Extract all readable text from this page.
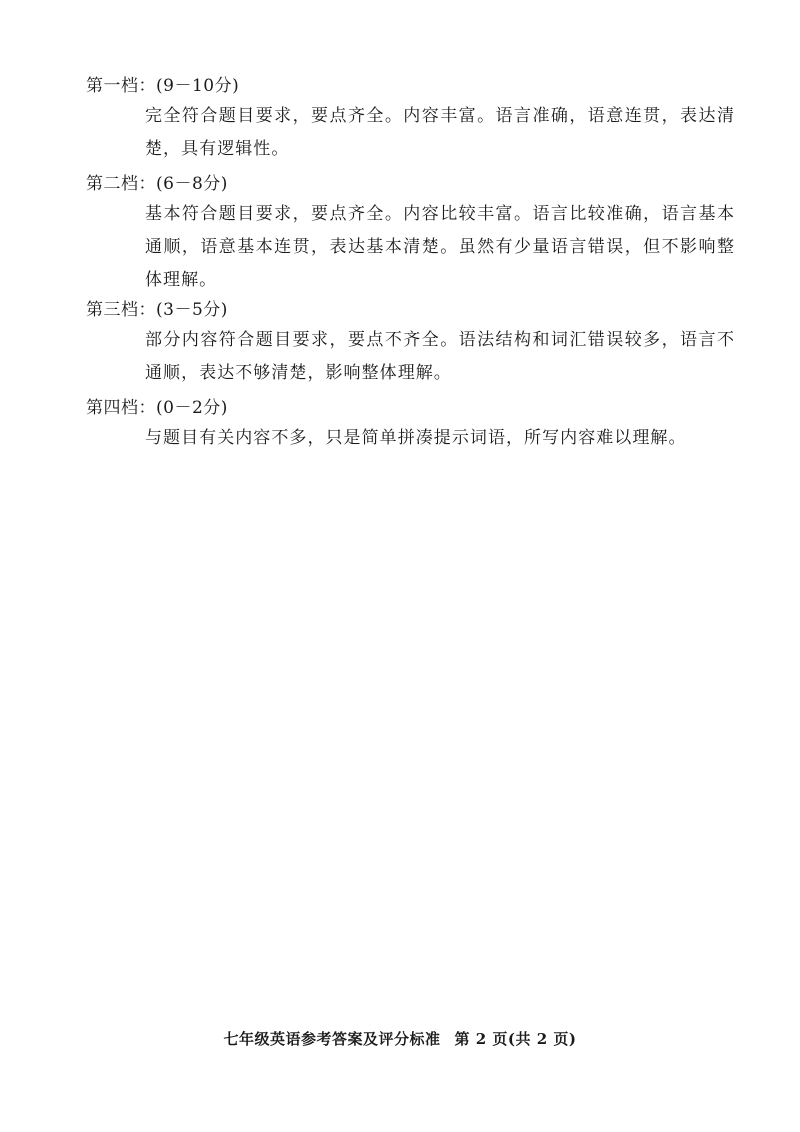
第一档：(9－10分)
完全符合题目要求，要点齐全。内容丰富。语言准确，语意连贯，表达清楚，具有逻辑性。
第二档：(6－8分)
基本符合题目要求，要点齐全。内容比较丰富。语言比较准确，语言基本通顺，语意基本连贯，表达基本清楚。虽然有少量语言错误，但不影响整体理解。
第三档：(3－5分)
部分内容符合题目要求，要点不齐全。语法结构和词汇错误较多，语言不通顺，表达不够清楚，影响整体理解。
第四档：(0－2分)
与题目有关内容不多，只是简单拼凑提示词语，所写内容难以理解。
七年级英语参考答案及评分标准 第 2 页(共 2 页)
